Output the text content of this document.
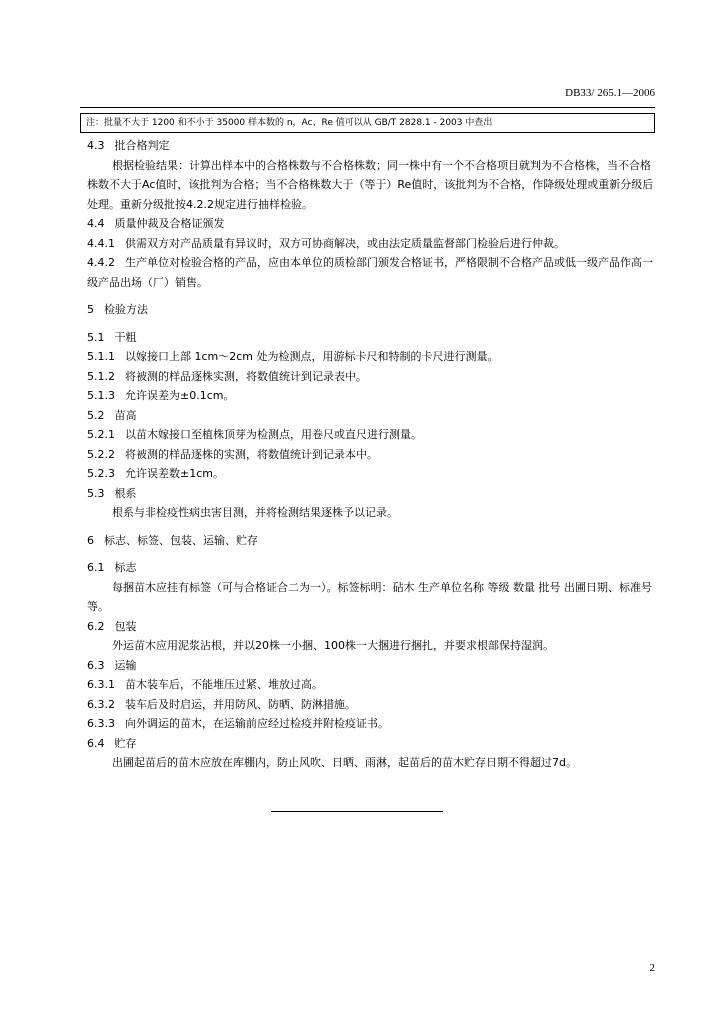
DB33/ 265.1—2006
注：批量不大于 1200 和不小于 35000 样本数的 n，Ac、Re 值可以从 GB/T 2828.1 - 2003 中查出

4.3 批合格判定

根据检验结果：计算出样本中的合格株数与不合格株数；同一株中有一个不合格项目就判为不合格株，当不合格株数不大于Ac值时，该批判为合格；当不合格株数大于（等于）Re值时，该批判为不合格，作降级处理或重新分级后处理。重新分级批按4.2.2规定进行抽样检验。

4.4 质量仲裁及合格证颁发

4.4.1 供需双方对产品质量有异议时，双方可协商解决，或由法定质量监督部门检验后进行仲裁。

4.4.2 生产单位对检验合格的产品，应由本单位的质检部门颁发合格证书，严格限制不合格产品或低一级产品作高一级产品出场（厂）销售。

5 检验方法

5.1 干粗

5.1.1 以嫁接口上部 1cm～2cm 处为检测点，用游标卡尺和特制的卡尺进行测量。

5.1.2 将被测的样品逐株实测，将数值统计到记录表中。

5.1.3 允许误差为±0.1cm。

5.2 苗高

5.2.1 以苗木嫁接口至植株顶芽为检测点，用卷尺或直尺进行测量。

5.2.2 将被测的样品逐株的实测，将数值统计到记录本中。

5.2.3 允许误差数±1cm。

5.3 根系

根系与非检疫性病虫害目测，并将检测结果逐株予以记录。

6 标志、标签、包装、运输、贮存

6.1 标志

每捆苗木应挂有标签（可与合格证合二为一）。标签标明：砧木 生产单位名称 等级 数量 批号 出圃日期、标准号等。

6.2 包装

外运苗木应用泥浆沾根，并以20株一小捆、100株一大捆进行捆扎，并要求根部保持湿润。

6.3 运输

6.3.1 苗木装车后，不能堆压过紧、堆放过高。

6.3.2 装车后及时启运，并用防风、防晒、防淋措施。

6.3.3 向外调运的苗木，在运输前应经过检疫并附检疫证书。

6.4 贮存

出圃起苗后的苗木应放在库棚内，防止风吹、日晒、雨淋，起苗后的苗木贮存日期不得超过7d。

2
